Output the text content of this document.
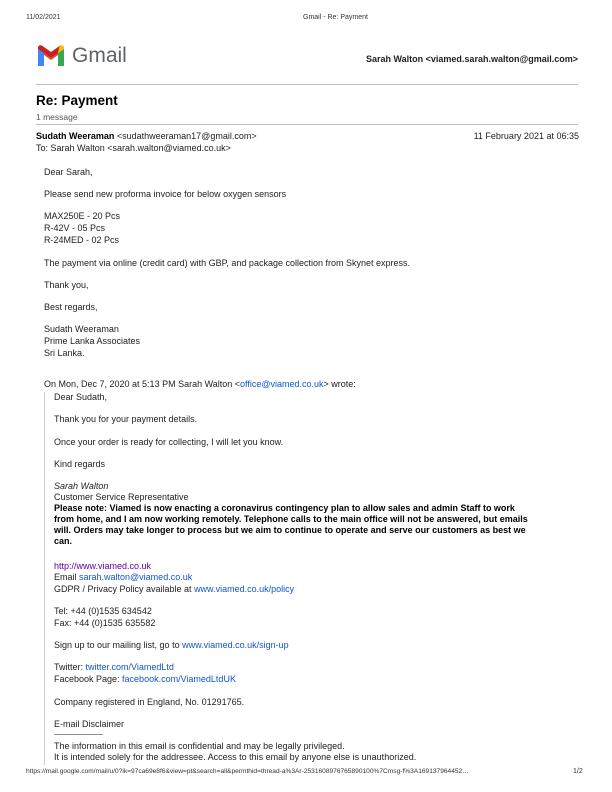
11/02/2021	Gmail - Re: Payment
Gmail	Sarah Walton <viamed.sarah.walton@gmail.com>
Re: Payment
1 message
Sudath Weeraman <sudathweeraman17@gmail.com>	11 February 2021 at 06:35
To: Sarah Walton <sarah.walton@viamed.co.uk>
Dear Sarah,
Please send new proforma invoice for below oxygen sensors
MAX250E - 20 Pcs
R-42V - 05 Pcs
R-24MED - 02 Pcs
The payment via online (credit card) with GBP, and package collection from Skynet express.
Thank you,
Best regards,
Sudath Weeraman
Prime Lanka Associates
Sri Lanka.
On Mon, Dec 7, 2020 at 5:13 PM Sarah Walton <office@viamed.co.uk> wrote:
Dear Sudath,
Thank you for your payment details.
Once your order is ready for collecting, I will let you know.
Kind regards
Sarah Walton
Customer Service Representative
Please note: Viamed is now enacting a coronavirus contingency plan to allow sales and admin Staff to work
from home, and I am now working remotely. Telephone calls to the main office will not be answered, but emails
will. Orders may take longer to process but we aim to continue to operate and serve our customers as best we
can.
http://www.viamed.co.uk
Email sarah.walton@viamed.co.uk
GDPR / Privacy Policy available at www.viamed.co.uk/policy
Tel: +44 (0)1535 634542
Fax: +44 (0)1535 635582
Sign up to our mailing list, go to www.viamed.co.uk/sign-up
Twitter: twitter.com/ViamedLtd
Facebook Page: facebook.com/ViamedLtdUK
Company registered in England, No. 01291765.
E-mail Disclaimer
———————
The information in this email is confidential and may be legally privileged.
It is intended solely for the addressee. Access to this email by anyone else is unauthorized.
https://mail.google.com/mail/u/0?ik=97ca69e8f6&view=pt&search=all&permthid=thread-a%3Ar-2531608976765890100%7Cmsg-f%3A169137964452…	1/2
